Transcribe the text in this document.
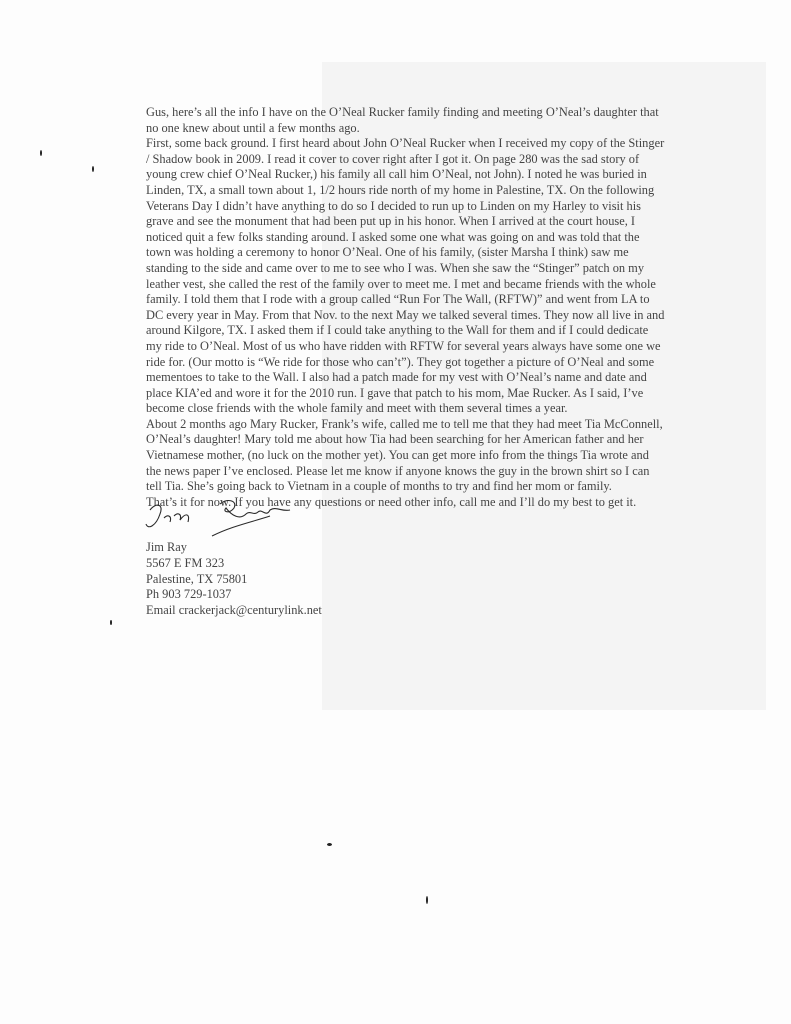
Gus, here’s all the info I have on the O’Neal Rucker family finding and meeting O’Neal’s daughter that no one knew about until a few months ago.

First, some back ground. I first heard about John O’Neal Rucker when I received my copy of the Stinger / Shadow book in 2009. I read it cover to cover right after I got it. On page 280 was the sad story of young crew chief O’Neal Rucker,) his family all call him O’Neal, not John). I noted he was buried in Linden, TX, a small town about 1, 1/2 hours ride north of my home in Palestine, TX. On the following Veterans Day I didn’t have anything to do so I decided to run up to Linden on my Harley to visit his grave and see the monument that had been put up in his honor. When I arrived at the court house, I noticed quit a few folks standing around. I asked some one what was going on and was told that the town was holding a ceremony to honor O’Neal. One of his family, (sister Marsha I think) saw me standing to the side and came over to me to see who I was. When she saw the “Stinger” patch on my leather vest, she called the rest of the family over to meet me. I met and became friends with the whole family. I told them that I rode with a group called “Run For The Wall, (RFTW)” and went from LA to DC every year in May. From that Nov. to the next May we talked several times. They now all live in and around Kilgore, TX. I asked them if I could take anything to the Wall for them and if I could dedicate my ride to O’Neal. Most of us who have ridden with RFTW for several years always have some one we ride for. (Our motto is “We ride for those who can’t”). They got together a picture of O’Neal and some mementoes to take to the Wall. I also had a patch made for my vest with O’Neal’s name and date and place KIA’ed and wore it for the 2010 run. I gave that patch to his mom, Mae Rucker. As I said, I’ve become close friends with the whole family and meet with them several times a year.

About 2 months ago Mary Rucker, Frank’s wife, called me to tell me that they had meet Tia McConnell, O’Neal’s daughter! Mary told me about how Tia had been searching for her American father and her Vietnamese mother, (no luck on the mother yet). You can get more info from the things Tia wrote and the news paper I’ve enclosed. Please let me know if anyone knows the guy in the brown shirt so I can tell Tia. She’s going back to Vietnam in a couple of months to try and find her mom or family.

That’s it for now. If you have any questions or need other info, call me and I’ll do my best to get it.

Jim Ray

5567 E FM 323

Palestine, TX 75801

Ph 903 729-1037

Email crackerjack@centurylink.net
